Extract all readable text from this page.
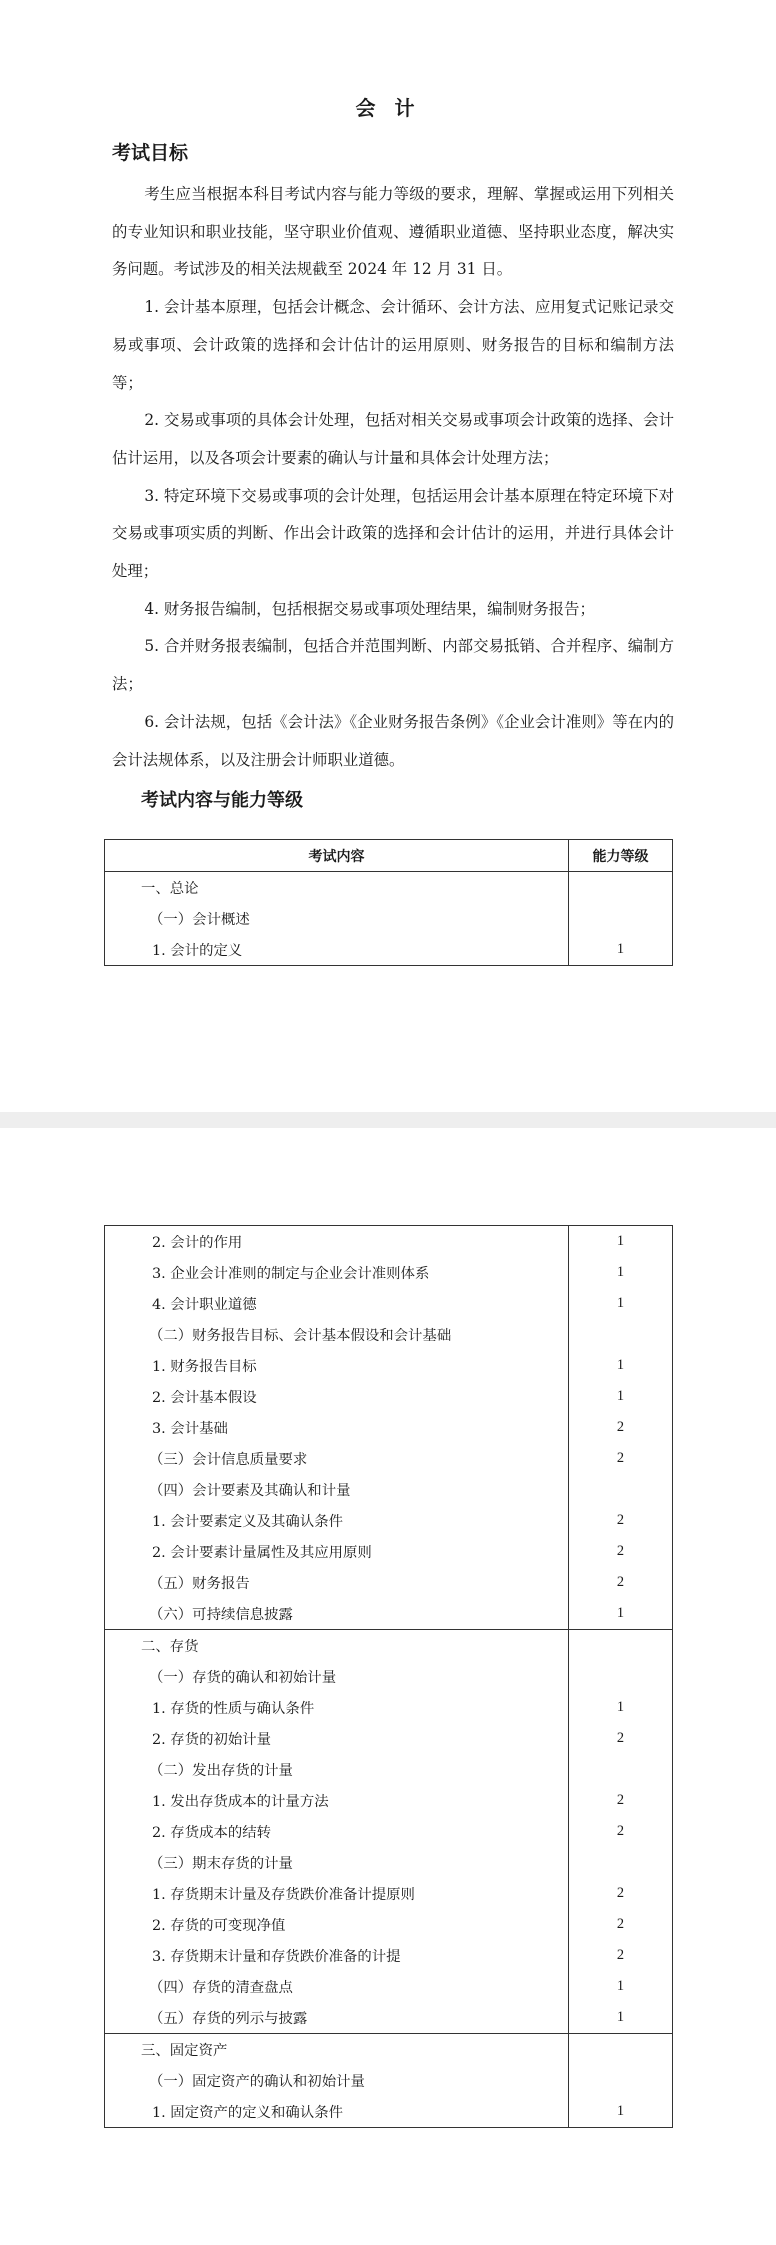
会 计
考试目标

考生应当根据本科目考试内容与能力等级的要求，理解、掌握或运用下列相关的专业知识和职业技能，坚守职业价值观、遵循职业道德、坚持职业态度，解决实务问题。考试涉及的相关法规截至 2024 年 12 月 31 日。

1. 会计基本原理，包括会计概念、会计循环、会计方法、应用复式记账记录交易或事项、会计政策的选择和会计估计的运用原则、财务报告的目标和编制方法等；

2. 交易或事项的具体会计处理，包括对相关交易或事项会计政策的选择、会计估计运用，以及各项会计要素的确认与计量和具体会计处理方法；

3. 特定环境下交易或事项的会计处理，包括运用会计基本原理在特定环境下对交易或事项实质的判断、作出会计政策的选择和会计估计的运用，并进行具体会计处理；

4. 财务报告编制，包括根据交易或事项处理结果，编制财务报告；

5. 合并财务报表编制，包括合并范围判断、内部交易抵销、合并程序、编制方法；

6. 会计法规，包括《会计法》《企业财务报告条例》《企业会计准则》等在内的会计法规体系，以及注册会计师职业道德。

考试内容与能力等级
考试内容	能力等级
一、总论	
（一）会计概述	
1. 会计的定义	1
2. 会计的作用	1
3. 企业会计准则的制定与企业会计准则体系	1
4. 会计职业道德	1
（二）财务报告目标、会计基本假设和会计基础	
1. 财务报告目标	1
2. 会计基本假设	1
3. 会计基础	2
（三）会计信息质量要求	2
（四）会计要素及其确认和计量	
1. 会计要素定义及其确认条件	2
2. 会计要素计量属性及其应用原则	2
（五）财务报告	2
（六）可持续信息披露	1
二、存货	
（一）存货的确认和初始计量	
1. 存货的性质与确认条件	1
2. 存货的初始计量	2
（二）发出存货的计量	
1. 发出存货成本的计量方法	2
2. 存货成本的结转	2
（三）期末存货的计量	
1. 存货期末计量及存货跌价准备计提原则	2
2. 存货的可变现净值	2
3. 存货期末计量和存货跌价准备的计提	2
（四）存货的清查盘点	1
（五）存货的列示与披露	1
三、固定资产	
（一）固定资产的确认和初始计量	
1. 固定资产的定义和确认条件	1
